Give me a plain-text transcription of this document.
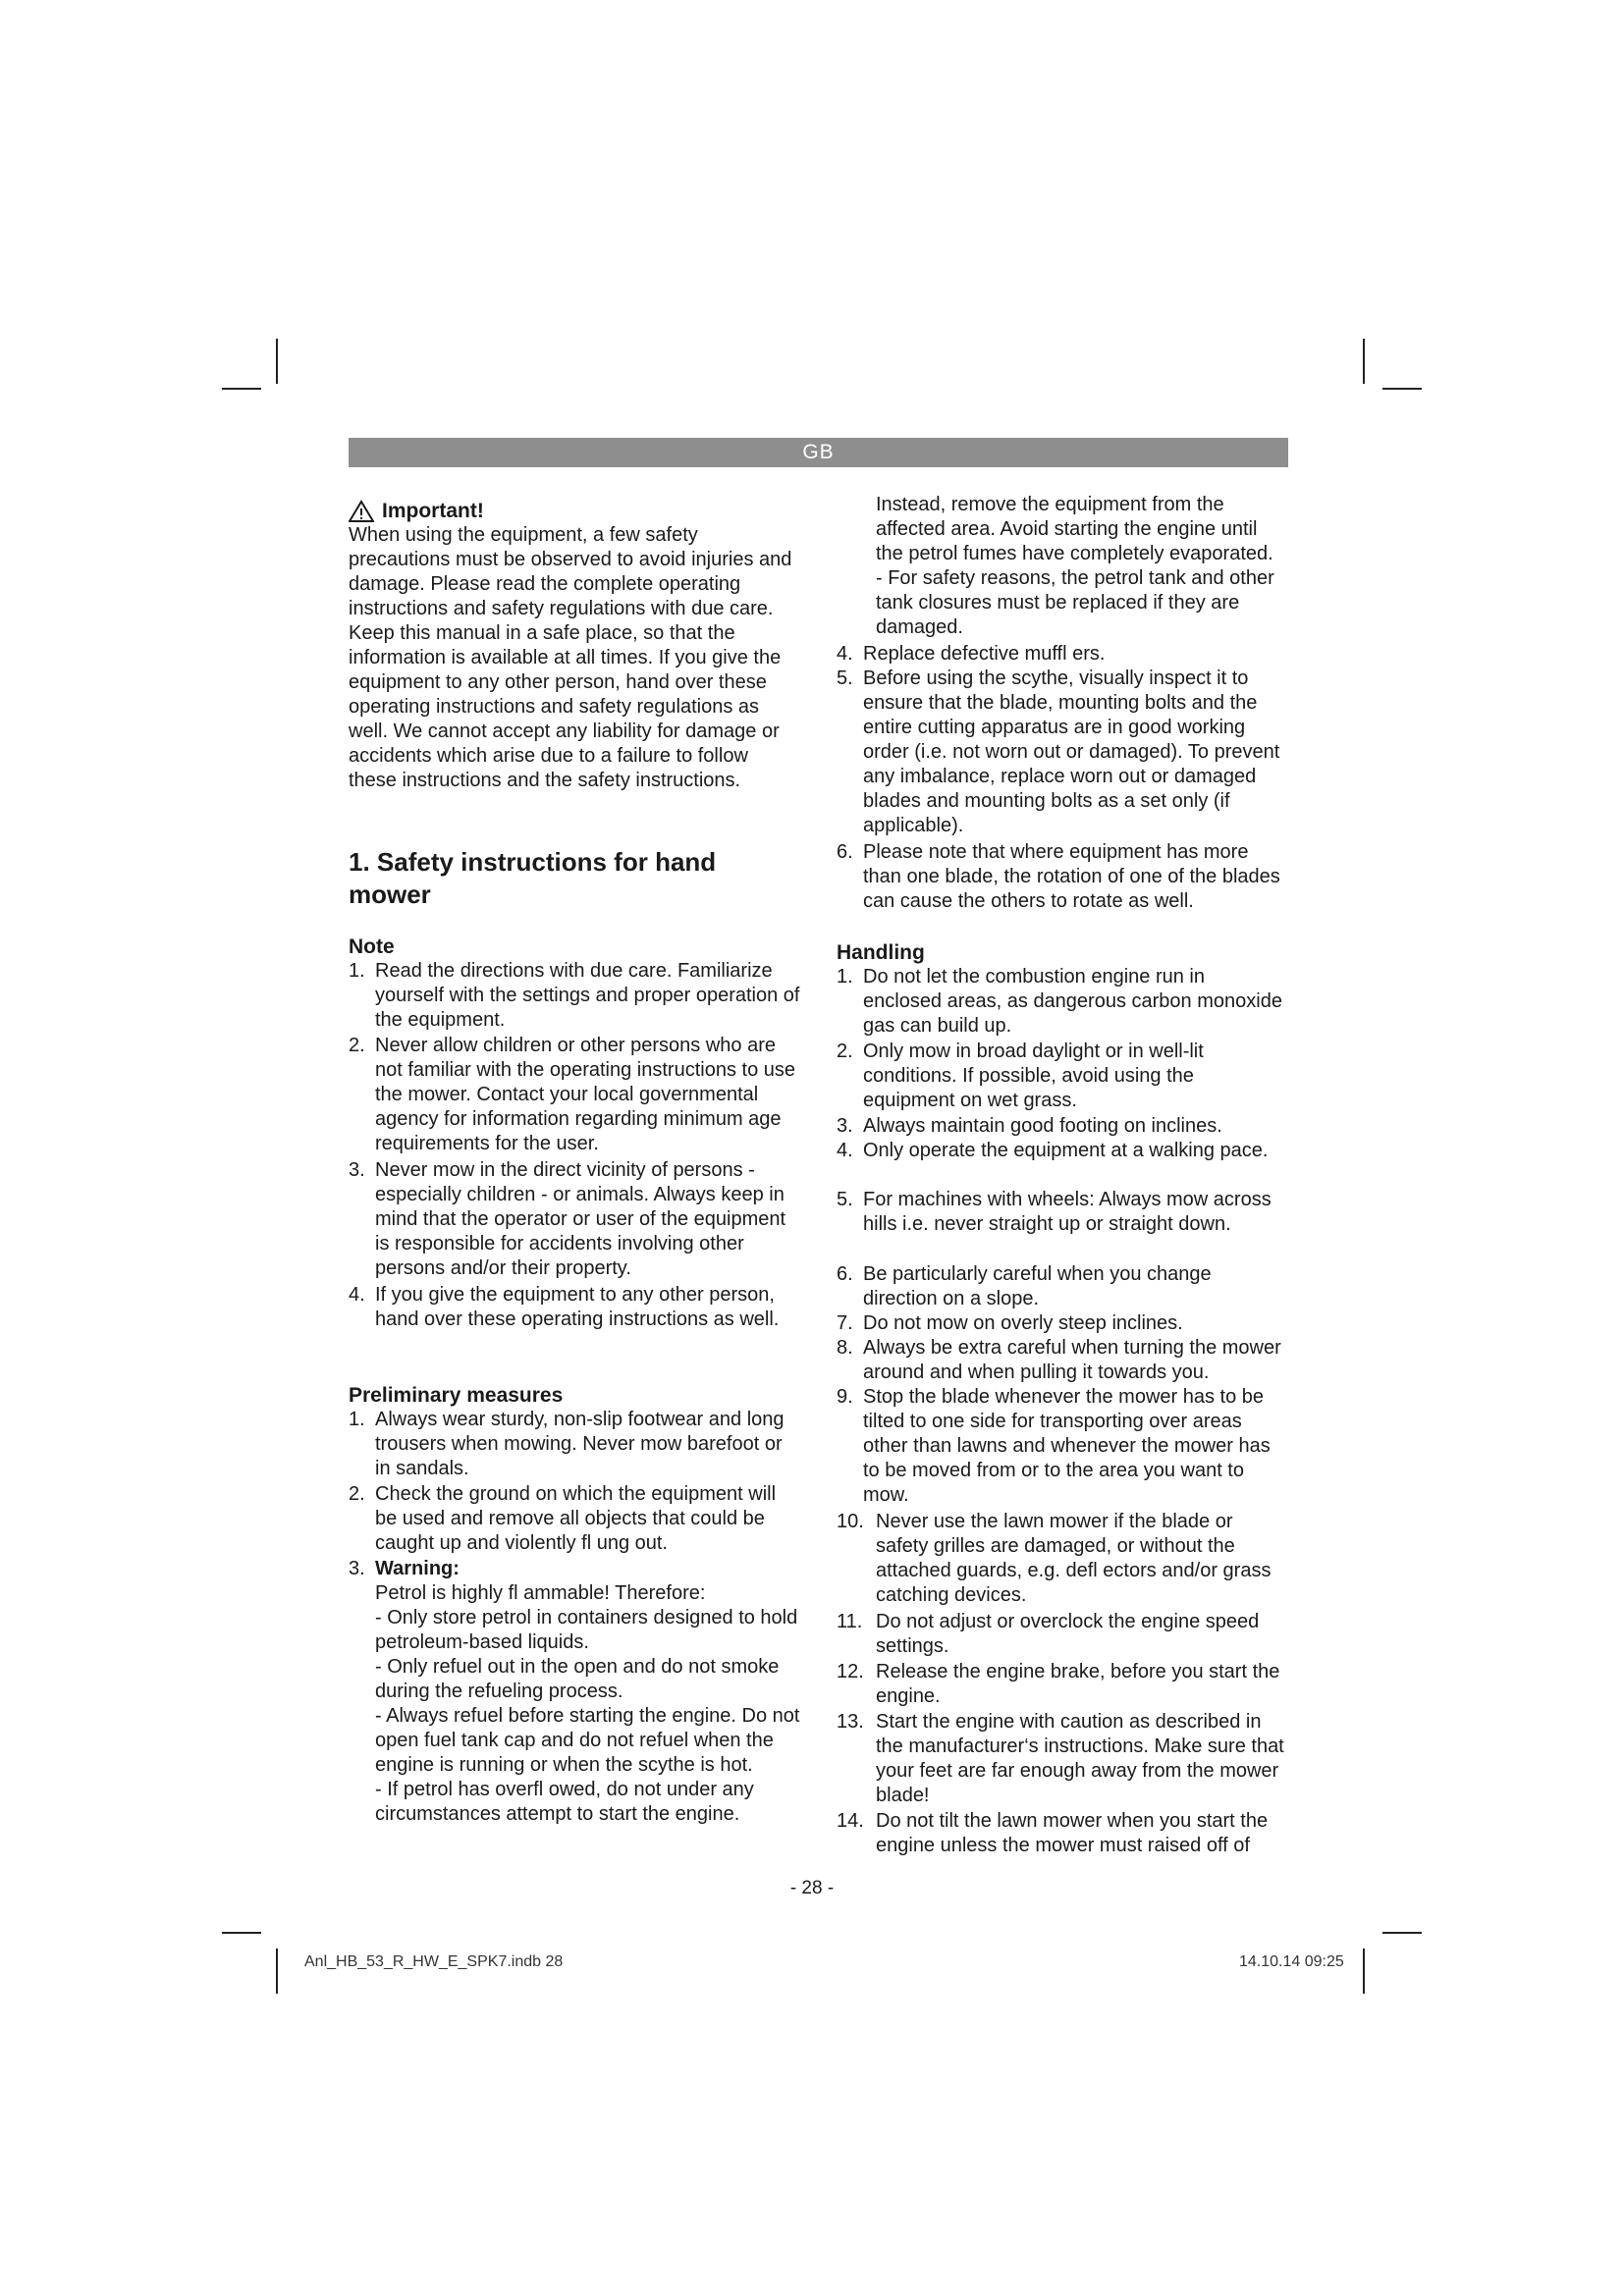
GB
Important!
When using the equipment, a few safety precautions must be observed to avoid injuries and damage. Please read the complete operating instructions and safety regulations with due care. Keep this manual in a safe place, so that the information is available at all times. If you give the equipment to any other person, hand over these operating instructions and safety regulations as well. We cannot accept any liability for damage or accidents which arise due to a failure to follow these instructions and the safety instructions.
1. Safety instructions for hand mower
Note
1. Read the directions with due care. Familiarize yourself with the settings and proper operation of the equipment.
2. Never allow children or other persons who are not familiar with the operating instructions to use the mower. Contact your local governmental agency for information regarding minimum age requirements for the user.
3. Never mow in the direct vicinity of persons - especially children - or animals. Always keep in mind that the operator or user of the equipment is responsible for accidents involving other persons and/or their property.
4. If you give the equipment to any other person, hand over these operating instructions as well.
Preliminary measures
1. Always wear sturdy, non-slip footwear and long trousers when mowing. Never mow barefoot or in sandals.
2. Check the ground on which the equipment will be used and remove all objects that could be caught up and violently fl ung out.
3. Warning:
Petrol is highly fl ammable! Therefore:
- Only store petrol in containers designed to hold petroleum-based liquids.
- Only refuel out in the open and do not smoke during the refueling process.
- Always refuel before starting the engine. Do not open fuel tank cap and do not refuel when the engine is running or when the scythe is hot.
- If petrol has overfl owed, do not under any circumstances attempt to start the engine.
Instead, remove the equipment from the affected area. Avoid starting the engine until the petrol fumes have completely evaporated.
- For safety reasons, the petrol tank and other tank closures must be replaced if they are damaged.
4. Replace defective muffl ers.
5. Before using the scythe, visually inspect it to ensure that the blade, mounting bolts and the entire cutting apparatus are in good working order (i.e. not worn out or damaged). To prevent any imbalance, replace worn out or damaged blades and mounting bolts as a set only (if applicable).
6. Please note that where equipment has more than one blade, the rotation of one of the blades can cause the others to rotate as well.
Handling
1. Do not let the combustion engine run in enclosed areas, as dangerous carbon monoxide gas can build up.
2. Only mow in broad daylight or in well-lit conditions. If possible, avoid using the equipment on wet grass.
3. Always maintain good footing on inclines.
4. Only operate the equipment at a walking pace.
5. For machines with wheels: Always mow across hills i.e. never straight up or straight down.
6. Be particularly careful when you change direction on a slope.
7. Do not mow on overly steep inclines.
8. Always be extra careful when turning the mower around and when pulling it towards you.
9. Stop the blade whenever the mower has to be tilted to one side for transporting over areas other than lawns and whenever the mower has to be moved from or to the area you want to mow.
10. Never use the lawn mower if the blade or safety grilles are damaged, or without the attached guards, e.g. defl ectors and/or grass catching devices.
11. Do not adjust or overclock the engine speed settings.
12. Release the engine brake, before you start the engine.
13. Start the engine with caution as described in the manufacturer‘s instructions. Make sure that your feet are far enough away from the mower blade!
14. Do not tilt the lawn mower when you start the engine unless the mower must raised off of
- 28 -
Anl_HB_53_R_HW_E_SPK7.indb 28	14.10.14 09:25
